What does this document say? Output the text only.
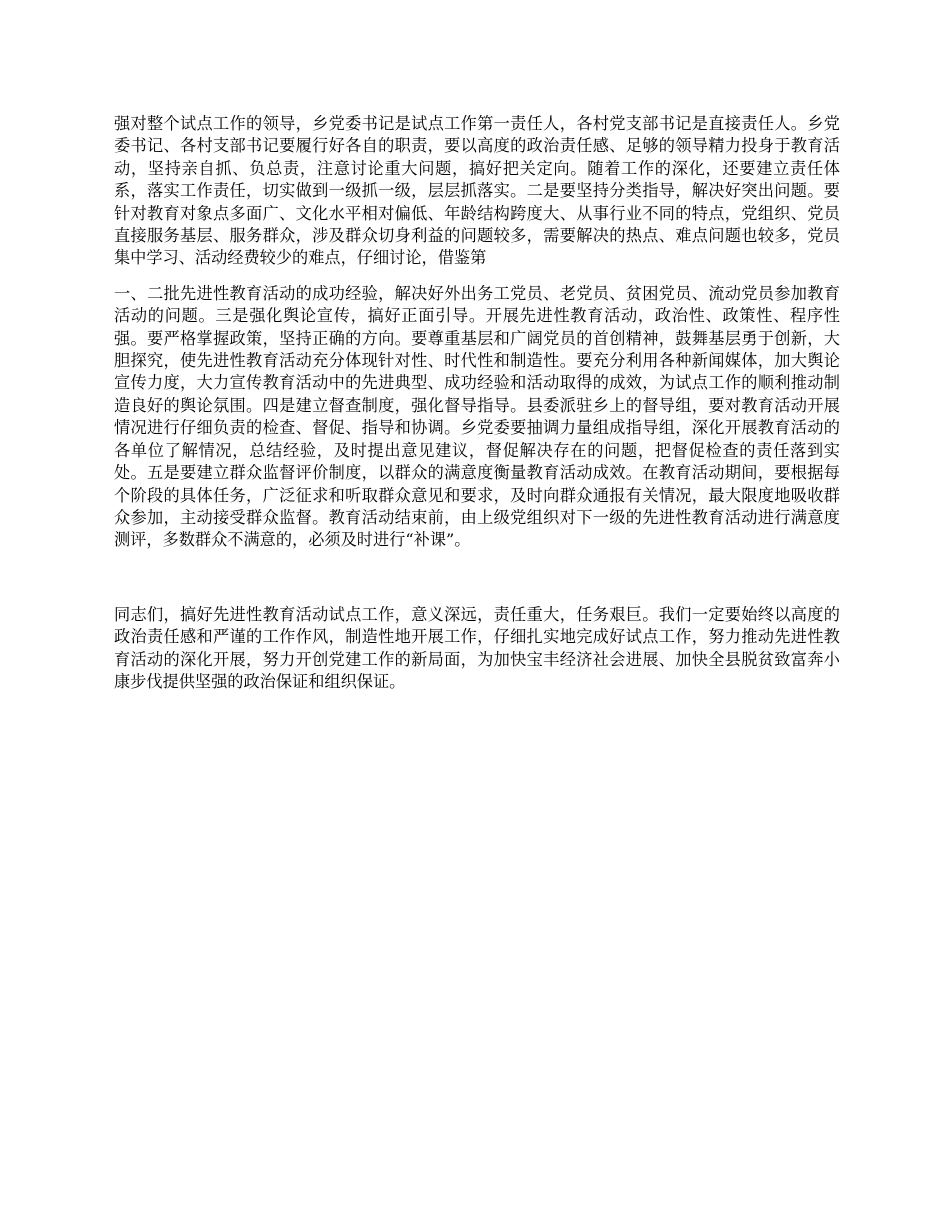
强对整个试点工作的领导，乡党委书记是试点工作第一责任人，各村党支部书记是直接责任人。乡党委书记、各村支部书记要履行好各自的职责，要以高度的政治责任感、足够的领导精力投身于教育活动，坚持亲自抓、负总责，注意讨论重大问题，搞好把关定向。随着工作的深化，还要建立责任体系，落实工作责任，切实做到一级抓一级，层层抓落实。二是要坚持分类指导，解决好突出问题。要针对教育对象点多面广、文化水平相对偏低、年龄结构跨度大、从事行业不同的特点，党组织、党员直接服务基层、服务群众，涉及群众切身利益的问题较多，需要解决的热点、难点问题也较多，党员集中学习、活动经费较少的难点，仔细讨论，借鉴第

一、二批先进性教育活动的成功经验，解决好外出务工党员、老党员、贫困党员、流动党员参加教育活动的问题。三是强化舆论宣传，搞好正面引导。开展先进性教育活动，政治性、政策性、程序性强。要严格掌握政策，坚持正确的方向。要尊重基层和广阔党员的首创精神，鼓舞基层勇于创新，大胆探究，使先进性教育活动充分体现针对性、时代性和制造性。要充分利用各种新闻媒体，加大舆论宣传力度，大力宣传教育活动中的先进典型、成功经验和活动取得的成效，为试点工作的顺利推动制造良好的舆论氛围。四是建立督查制度，强化督导指导。县委派驻乡上的督导组，要对教育活动开展情况进行仔细负责的检查、督促、指导和协调。乡党委要抽调力量组成指导组，深化开展教育活动的各单位了解情况，总结经验，及时提出意见建议，督促解决存在的问题，把督促检查的责任落到实处。五是要建立群众监督评价制度，以群众的满意度衡量教育活动成效。在教育活动期间，要根据每个阶段的具体任务，广泛征求和听取群众意见和要求，及时向群众通报有关情况，最大限度地吸收群众参加，主动接受群众监督。教育活动结束前，由上级党组织对下一级的先进性教育活动进行满意度测评，多数群众不满意的，必须及时进行“补课”。

同志们，搞好先进性教育活动试点工作，意义深远，责任重大，任务艰巨。我们一定要始终以高度的政治责任感和严谨的工作作风，制造性地开展工作，仔细扎实地完成好试点工作，努力推动先进性教育活动的深化开展，努力开创党建工作的新局面，为加快宝丰经济社会进展、加快全县脱贫致富奔小康步伐提供坚强的政治保证和组织保证。
